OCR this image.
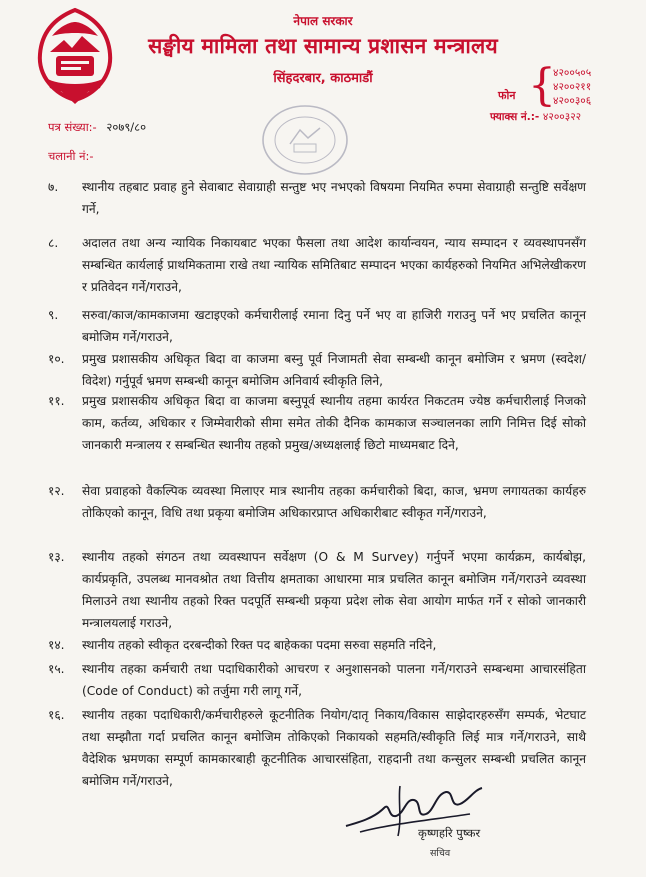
नेपाल सरकार
सङ्घीय मामिला तथा सामान्य प्रशासन मन्त्रालय
सिंहदरबार, काठमाडौं
फोन {
४२००५०५
४२००२११
४२००३०६
फ्याक्स नं.:- ४२००३२२
पत्र संख्या:- २०७९/८०
चलानी नं:-
७.	स्थानीय तहबाट प्रवाह हुने सेवाबाट सेवाग्राही सन्तुष्ट भए नभएको विषयमा नियमित रुपमा सेवाग्राही सन्तुष्टि सर्वेक्षण गर्ने,
८.	अदालत तथा अन्य न्यायिक निकायबाट भएका फैसला तथा आदेश कार्यान्वयन, न्याय सम्पादन र व्यवस्थापनसँग सम्बन्धित कार्यलाई प्राथमिकतामा राखे तथा न्यायिक समितिबाट सम्पादन भएका कार्यहरुको नियमित अभिलेखीकरण र प्रतिवेदन गर्ने/गराउने,
९.	सरुवा/काज/कामकाजमा खटाइएको कर्मचारीलाई रमाना दिनु पर्ने भए वा हाजिरी गराउनु पर्ने भए प्रचलित कानून बमोजिम गर्ने/गराउने,
१०.	प्रमुख प्रशासकीय अधिकृत बिदा वा काजमा बस्नु पूर्व निजामती सेवा सम्बन्धी कानून बमोजिम र भ्रमण (स्वदेश/विदेश) गर्नुपूर्व भ्रमण सम्बन्धी कानून बमोजिम अनिवार्य स्वीकृति लिने,
११.	प्रमुख प्रशासकीय अधिकृत बिदा वा काजमा बस्नुपूर्व स्थानीय तहमा कार्यरत निकटतम ज्येष्ठ कर्मचारीलाई निजको काम, कर्तव्य, अधिकार र जिम्मेवारीको सीमा समेत तोकी दैनिक कामकाज सञ्चालनका लागि निमित्त दिई सोको जानकारी मन्त्रालय र सम्बन्धित स्थानीय तहको प्रमुख/अध्यक्षलाई छिटो माध्यमबाट दिने,
१२.	सेवा प्रवाहको वैकल्पिक व्यवस्था मिलाएर मात्र स्थानीय तहका कर्मचारीको बिदा, काज, भ्रमण लगायतका कार्यहरु तोकिएको कानून, विधि तथा प्रकृया बमोजिम अधिकारप्राप्त अधिकारीबाट स्वीकृत गर्ने/गराउने,
१३.	स्थानीय तहको संगठन तथा व्यवस्थापन सर्वेक्षण (O & M Survey) गर्नुपर्ने भएमा कार्यक्रम, कार्यबोझ, कार्यप्रकृति, उपलब्ध मानवश्रोत तथा वित्तीय क्षमताका आधारमा मात्र प्रचलित कानून बमोजिम गर्ने/गराउने व्यवस्था मिलाउने तथा स्थानीय तहको रिक्त पदपूर्ति सम्बन्धी प्रकृया प्रदेश लोक सेवा आयोग मार्फत गर्ने र सोको जानकारी मन्त्रालयलाई गराउने,
१४.	स्थानीय तहको स्वीकृत दरबन्दीको रिक्त पद बाहेकका पदमा सरुवा सहमति नदिने,
१५.	स्थानीय तहका कर्मचारी तथा पदाधिकारीको आचरण र अनुशासनको पालना गर्ने/गराउने सम्बन्धमा आचारसंहिता (Code of Conduct) को तर्जुमा गरी लागू गर्ने,
१६.	स्थानीय तहका पदाधिकारी/कर्मचारीहरुले कूटनीतिक नियोग/दातृ निकाय/विकास साझेदारहरुसँग सम्पर्क, भेटघाट तथा सम्झौता गर्दा प्रचलित कानून बमोजिम तोकिएको निकायको सहमति/स्वीकृति लिई मात्र गर्ने/गराउने, साथै वैदेशिक भ्रमणका सम्पूर्ण कामकारबाही कूटनीतिक आचारसंहिता, राहदानी तथा कन्सुलर सम्बन्धी प्रचलित कानून बमोजिम गर्ने/गराउने,
कृष्णहरि पुष्कर
सचिव
